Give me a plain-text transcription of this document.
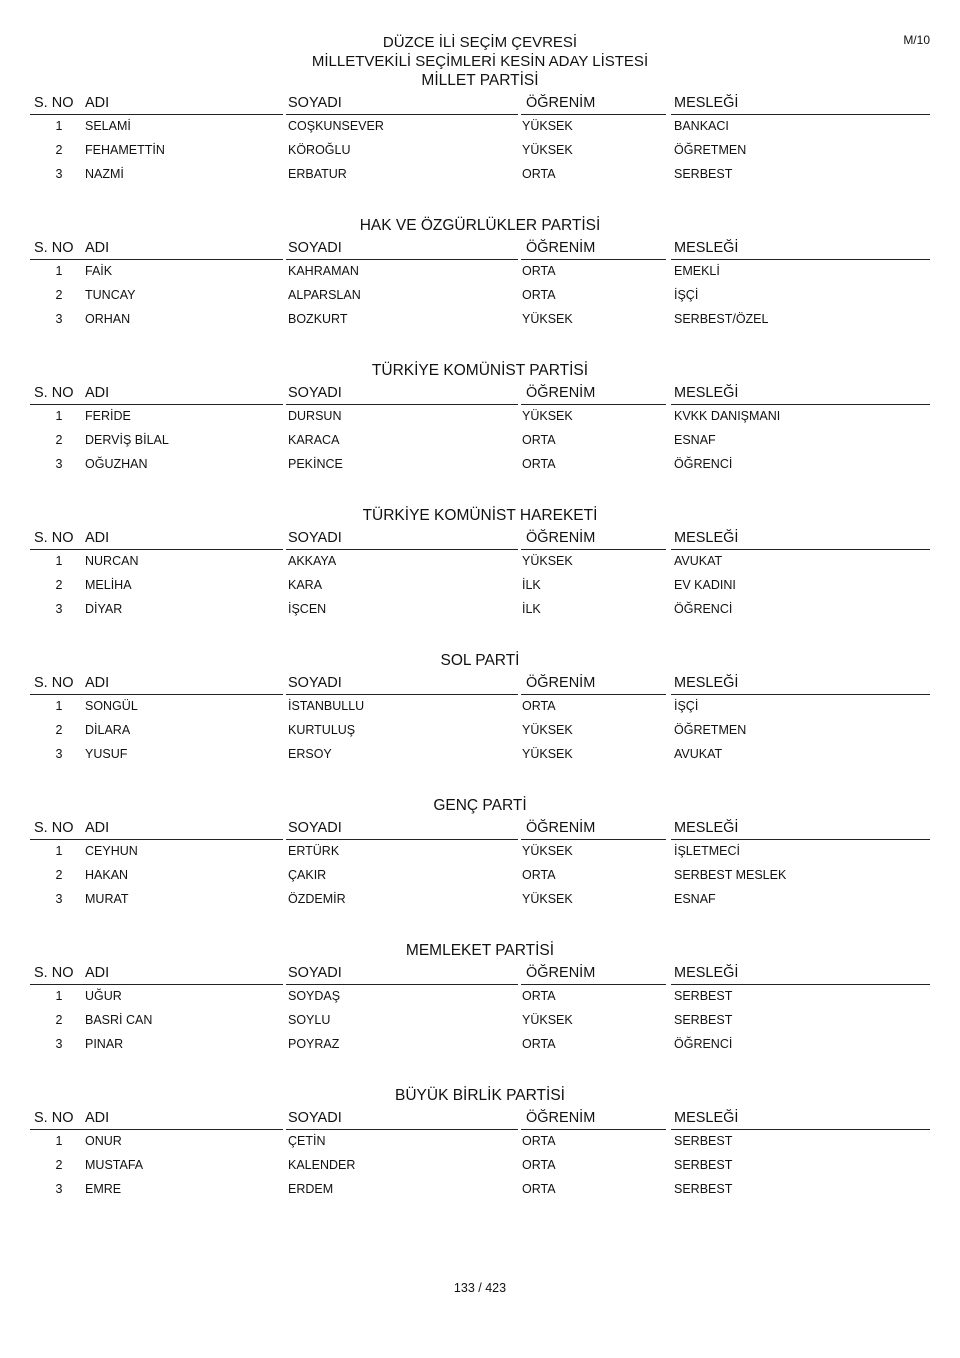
M/10
DÜZCE İLİ SEÇİM ÇEVRESİ
MİLLETVEKİLİ SEÇİMLERİ KESİN ADAY LİSTESİ
MİLLET PARTİSİ
S. NO ADI	SOYADI	ÖĞRENİM	MESLEĞİ
1	SELAMİ	COŞKUNSEVER	YÜKSEK	BANKACI
2	FEHAMETTİN	KÖROĞLU	YÜKSEK	ÖĞRETMEN
3	NAZMİ	ERBATUR	ORTA	SERBEST
HAK VE ÖZGÜRLÜKLER PARTİSİ
S. NO ADI	SOYADI	ÖĞRENİM	MESLEĞİ
1	FAİK	KAHRAMAN	ORTA	EMEKLİ
2	TUNCAY	ALPARSLAN	ORTA	İŞÇİ
3	ORHAN	BOZKURT	YÜKSEK	SERBEST/ÖZEL
TÜRKİYE KOMÜNİST PARTİSİ
S. NO ADI	SOYADI	ÖĞRENİM	MESLEĞİ
1	FERİDE	DURSUN	YÜKSEK	KVKK DANIŞMANI
2	DERVİŞ BİLAL	KARACA	ORTA	ESNAF
3	OĞUZHAN	PEKİNCE	ORTA	ÖĞRENCİ
TÜRKİYE KOMÜNİST HAREKETİ
S. NO ADI	SOYADI	ÖĞRENİM	MESLEĞİ
1	NURCAN	AKKAYA	YÜKSEK	AVUKAT
2	MELİHA	KARA	İLK	EV KADINI
3	DİYAR	İŞCEN	İLK	ÖĞRENCİ
SOL PARTİ
S. NO ADI	SOYADI	ÖĞRENİM	MESLEĞİ
1	SONGÜL	İSTANBULLU	ORTA	İŞÇİ
2	DİLARA	KURTULUŞ	YÜKSEK	ÖĞRETMEN
3	YUSUF	ERSOY	YÜKSEK	AVUKAT
GENÇ PARTİ
S. NO ADI	SOYADI	ÖĞRENİM	MESLEĞİ
1	CEYHUN	ERTÜRK	YÜKSEK	İŞLETMECİ
2	HAKAN	ÇAKIR	ORTA	SERBEST MESLEK
3	MURAT	ÖZDEMİR	YÜKSEK	ESNAF
MEMLEKET PARTİSİ
S. NO ADI	SOYADI	ÖĞRENİM	MESLEĞİ
1	UĞUR	SOYDAŞ	ORTA	SERBEST
2	BASRİ CAN	SOYLU	YÜKSEK	SERBEST
3	PINAR	POYRAZ	ORTA	ÖĞRENCİ
BÜYÜK BİRLİK PARTİSİ
S. NO ADI	SOYADI	ÖĞRENİM	MESLEĞİ
1	ONUR	ÇETİN	ORTA	SERBEST
2	MUSTAFA	KALENDER	ORTA	SERBEST
3	EMRE	ERDEM	ORTA	SERBEST
133 / 423
